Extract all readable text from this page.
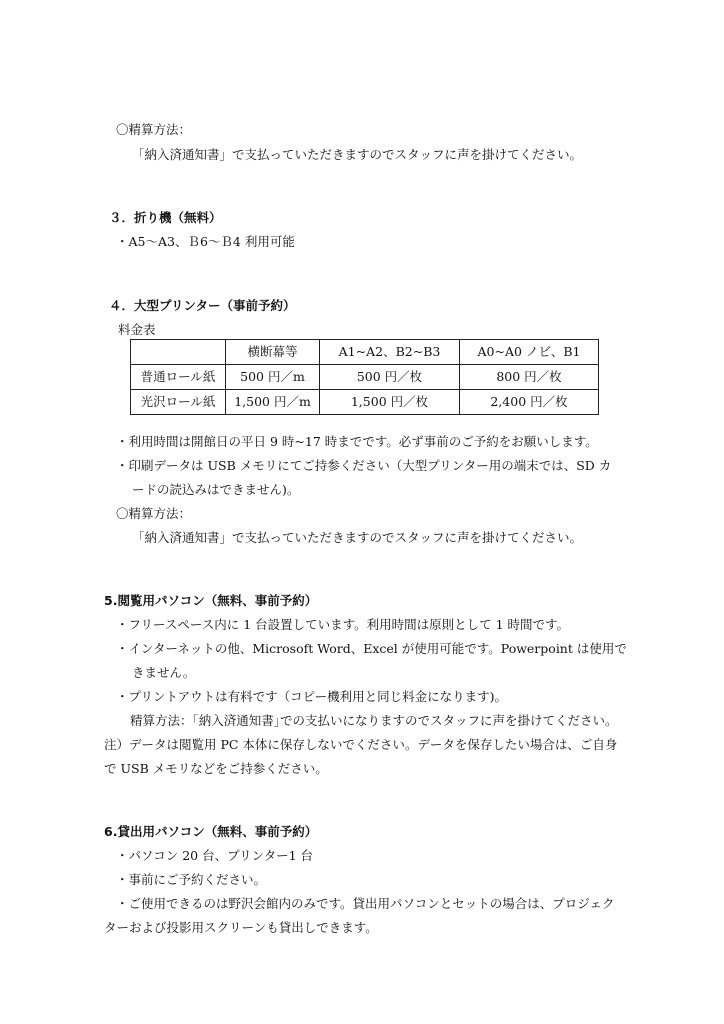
〇精算方法：
「納入済通知書」で支払っていただきますのでスタッフに声を掛けてください。
３．折り機（無料）
・A5〜A3、Ｂ6〜Ｂ4 利用可能
４．大型プリンター（事前予約）
料金表
	横断幕等	A1~A2、B2~B3	A0~A0 ノビ、B1
普通ロール紙	500 円／m	500 円／枚	800 円／枚
光沢ロール紙	1,500 円／m	1,500 円／枚	2,400 円／枚
・利用時間は開館日の平日 9 時~17 時までです。必ず事前のご予約をお願いします。
・印刷データは USB メモリにてご持参ください（大型プリンター用の端末では、SD カ
ードの読込みはできません)。
〇精算方法：
「納入済通知書」で支払っていただきますのでスタッフに声を掛けてください。
5.閲覧用パソコン（無料、事前予約）
・フリースペース内に 1 台設置しています。利用時間は原則として 1 時間です。
・インターネットの他、Microsoft Word、Excel が使用可能です。Powerpoint は使用で
きません。
・プリントアウトは有料です（コピー機利用と同じ料金になります)。
精算方法：｢納入済通知書｣での支払いになりますのでスタッフに声を掛けてください。
注）データは閲覧用 PC 本体に保存しないでください。データを保存したい場合は、ご自身
で USB メモリなどをご持参ください。
6.貸出用パソコン（無料、事前予約）
・パソコン 20 台、プリンター1 台
・事前にご予約ください。
・ご使用できるのは野沢会館内のみです。貸出用パソコンとセットの場合は、プロジェク
ターおよび投影用スクリーンも貸出しできます。
